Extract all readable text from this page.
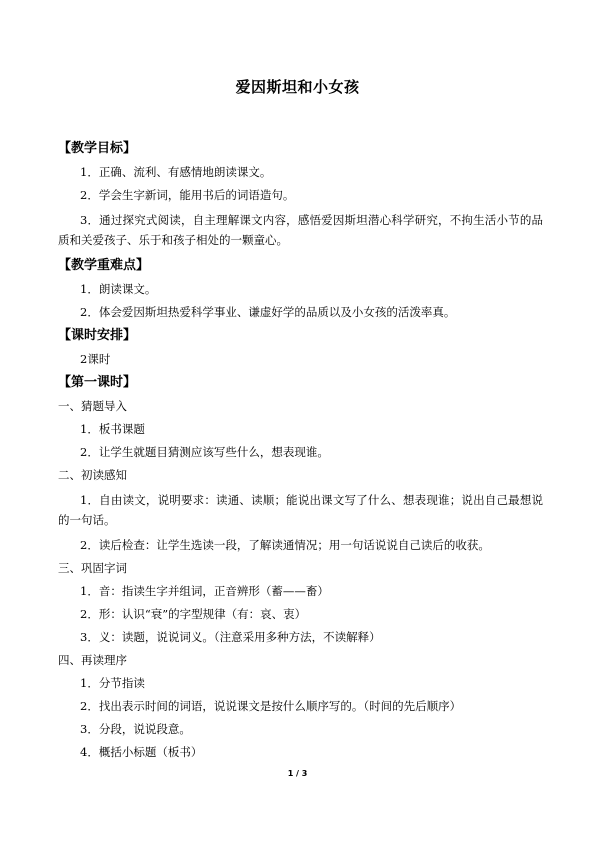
爱因斯坦和小女孩
【教学目标】
1．正确、流利、有感情地朗读课文。
2．学会生字新词，能用书后的词语造句。
3．通过探究式阅读，自主理解课文内容，感悟爱因斯坦潜心科学研究，不拘生活小节的品质和关爱孩子、乐于和孩子相处的一颗童心。
【教学重难点】
1．朗读课文。
2．体会爱因斯坦热爱科学事业、谦虚好学的品质以及小女孩的活泼率真。
【课时安排】
2课时
【第一课时】
一、猜题导入
1．板书课题
2．让学生就题目猜测应该写些什么，想表现谁。
二、初读感知
1．自由读文，说明要求：读通、读顺；能说出课文写了什么、想表现谁；说出自己最想说的一句话。
2．读后检查：让学生选读一段，了解读通情况；用一句话说说自己读后的收获。
三、巩固字词
1．音：指读生字并组词，正音辨形（蓄——畜）
2．形：认识“衰”的字型规律（有：哀、衷）
3．义：读题，说说词义。（注意采用多种方法，不读解释）
四、再读理序
1．分节指读
2．找出表示时间的词语，说说课文是按什么顺序写的。（时间的先后顺序）
3．分段，说说段意。
4．概括小标题（板书）
1 / 3
